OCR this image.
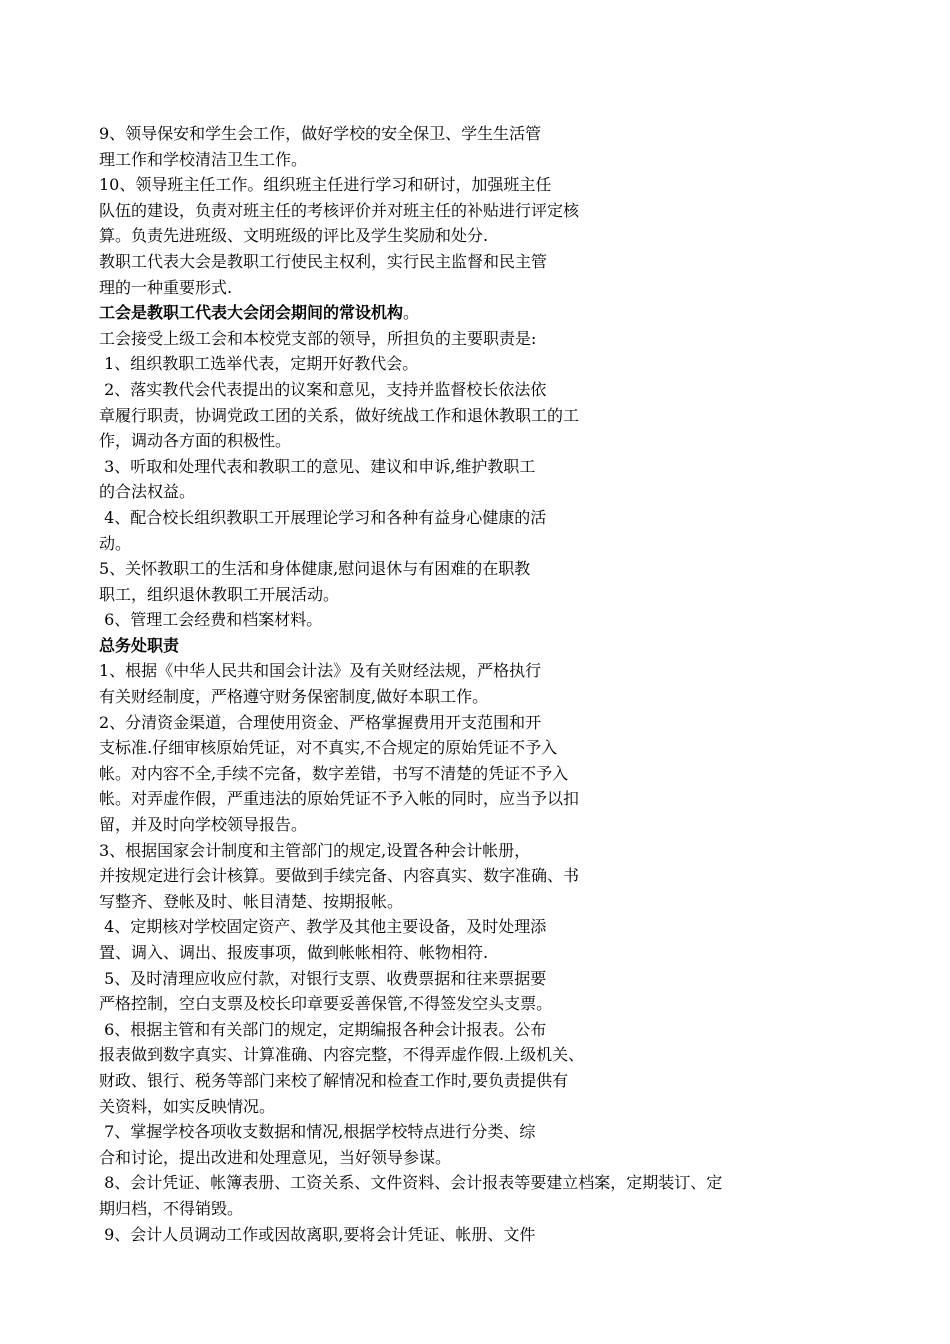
9、领导保安和学生会工作，做好学校的安全保卫、学生生活管
理工作和学校清洁卫生工作。
10、领导班主任工作。组织班主任进行学习和研讨，加强班主任
队伍的建设，负责对班主任的考核评价并对班主任的补贴进行评定核
算。负责先进班级、文明班级的评比及学生奖励和处分.
教职工代表大会是教职工行使民主权利，实行民主监督和民主管
理的一种重要形式.
工会是教职工代表大会闭会期间的常设机构。
工会接受上级工会和本校党支部的领导，所担负的主要职责是:
1、组织教职工选举代表，定期开好教代会。
2、落实教代会代表提出的议案和意见，支持并监督校长依法依
章履行职责，协调党政工团的关系，做好统战工作和退休教职工的工
作，调动各方面的积极性。
3、听取和处理代表和教职工的意见、建议和申诉,维护教职工
的合法权益。
4、配合校长组织教职工开展理论学习和各种有益身心健康的活
动。
5、关怀教职工的生活和身体健康,慰问退休与有困难的在职教
职工，组织退休教职工开展活动。
6、管理工会经费和档案材料。
总务处职责
1、根据《中华人民共和国会计法》及有关财经法规，严格执行
有关财经制度，严格遵守财务保密制度,做好本职工作。
2、分清资金渠道，合理使用资金、严格掌握费用开支范围和开
支标准.仔细审核原始凭证，对不真实,不合规定的原始凭证不予入
帐。对内容不全,手续不完备，数字差错，书写不清楚的凭证不予入
帐。对弄虚作假，严重违法的原始凭证不予入帐的同时，应当予以扣
留，并及时向学校领导报告。
3、根据国家会计制度和主管部门的规定,设置各种会计帐册，
并按规定进行会计核算。要做到手续完备、内容真实、数字准确、书
写整齐、登帐及时、帐目清楚、按期报帐。
4、定期核对学校固定资产、教学及其他主要设备，及时处理添
置、调入、调出、报废事项，做到帐帐相符、帐物相符.
5、及时清理应收应付款，对银行支票、收费票据和往来票据要
严格控制，空白支票及校长印章要妥善保管,不得签发空头支票。
6、根据主管和有关部门的规定，定期编报各种会计报表。公布
报表做到数字真实、计算准确、内容完整，不得弄虚作假.上级机关、
财政、银行、税务等部门来校了解情况和检查工作时,要负责提供有
关资料，如实反映情况。
7、掌握学校各项收支数据和情况,根据学校特点进行分类、综
合和讨论，提出改进和处理意见，当好领导参谋。
8、会计凭证、帐簿表册、工资关系、文件资料、会计报表等要建立档案，定期装订、定
期归档，不得销毁。
9、会计人员调动工作或因故离职,要将会计凭证、帐册、文件
